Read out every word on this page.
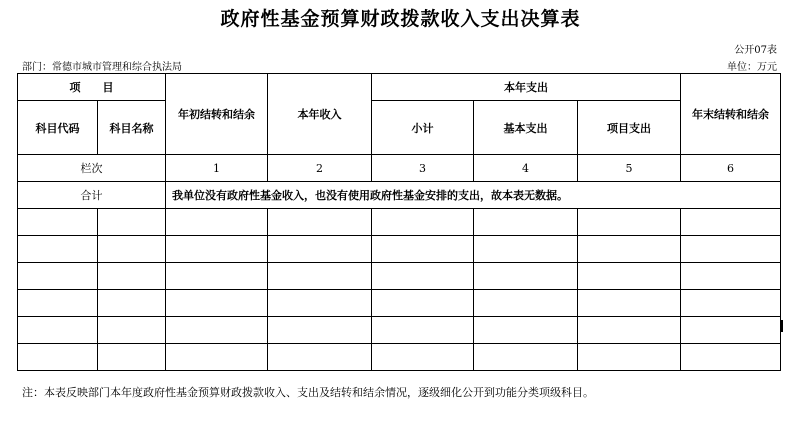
政府性基金预算财政拨款收入支出决算表
公开07表
部门：常德市城市管理和综合执法局	单位：万元
项　　目		年初结转和结余	本年收入	本年支出			年末结转和结余
科目代码	科目名称			小计	基本支出	项目支出	

栏次		1	2	3	4	5	6
合计		我单位没有政府性基金收入，也没有使用政府性基金安排的支出，故本表无数据。					

注：本表反映部门本年度政府性基金预算财政拨款收入、支出及结转和结余情况，逐级细化公开到功能分类项级科目。
